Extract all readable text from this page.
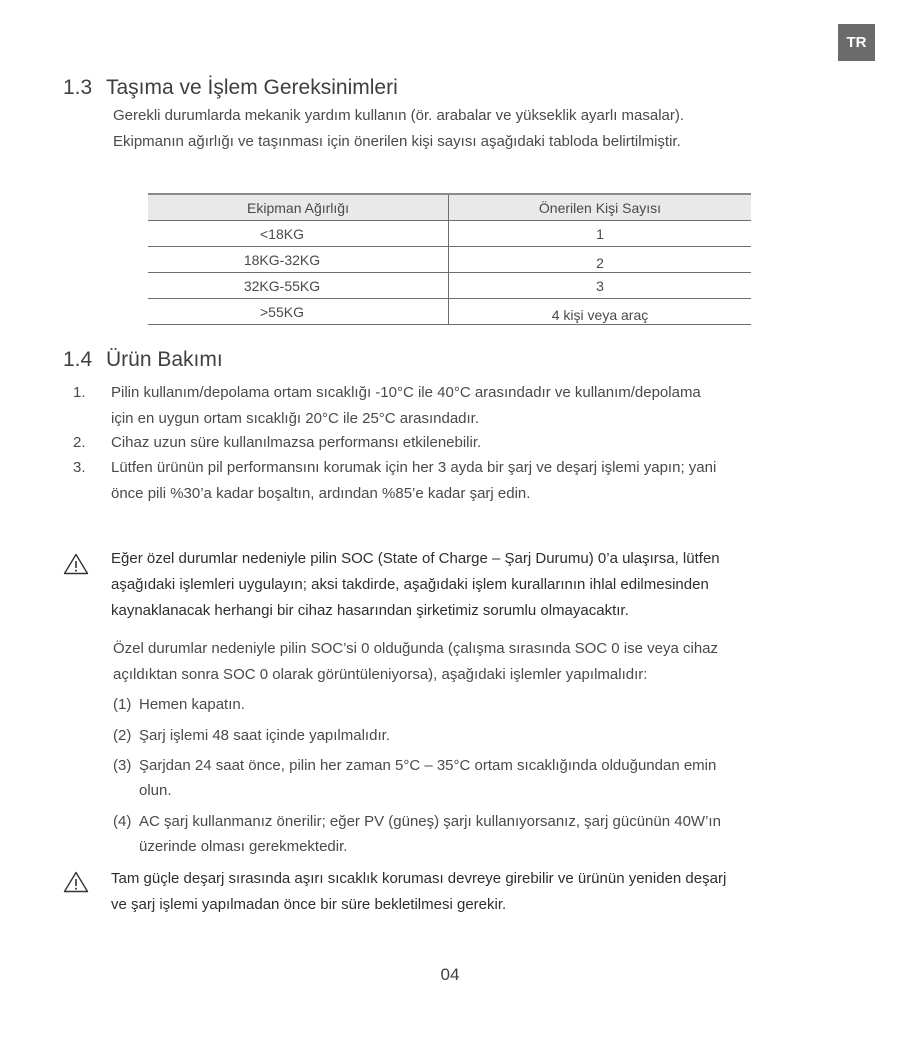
TR
1.3 Taşıma ve İşlem Gereksinimleri

Gerekli durumlarda mekanik yardım kullanın (ör. arabalar ve yükseklik ayarlı masalar).

Ekipmanın ağırlığı ve taşınması için önerilen kişi sayısı aşağıdaki tabloda belirtilmiştir.

Ekipman Ağırlığı	Önerilen Kişi Sayısı
<18KG	1
18KG-32KG	2
32KG-55KG	3
>55KG	4 kişi veya araç
1.4 Ürün Bakımı
1. Pilin kullanım/depolama ortam sıcaklığı -10°C ile 40°C arasındadır ve kullanım/depolama
için en uygun ortam sıcaklığı 20°C ile 25°C arasındadır.
2. Cihaz uzun süre kullanılmazsa performansı etkilenebilir.
3. Lütfen ürünün pil performansını korumak için her 3 ayda bir şarj ve deşarj işlemi yapın; yani
önce pili %30’a kadar boşaltın, ardından %85’e kadar şarj edin.
Eğer özel durumlar nedeniyle pilin SOC (State of Charge – Şarj Durumu) 0’a ulaşırsa, lütfen
aşağıdaki işlemleri uygulayın; aksi takdirde, aşağıdaki işlem kurallarının ihlal edilmesinden
kaynaklanacak herhangi bir cihaz hasarından şirketimiz sorumlu olmayacaktır.
Özel durumlar nedeniyle pilin SOC’si 0 olduğunda (çalışma sırasında SOC 0 ise veya cihaz
açıldıktan sonra SOC 0 olarak görüntüleniyorsa), aşağıdaki işlemler yapılmalıdır:
(1) Hemen kapatın.
(2) Şarj işlemi 48 saat içinde yapılmalıdır.
(3) Şarjdan 24 saat önce, pilin her zaman 5°C – 35°C ortam sıcaklığında olduğundan emin
olun.
(4) AC şarj kullanmanız önerilir; eğer PV (güneş) şarjı kullanıyorsanız, şarj gücünün 40W’ın
üzerinde olması gerekmektedir.
Tam güçle deşarj sırasında aşırı sıcaklık koruması devreye girebilir ve ürünün yeniden deşarj
ve şarj işlemi yapılmadan önce bir süre bekletilmesi gerekir.
04
